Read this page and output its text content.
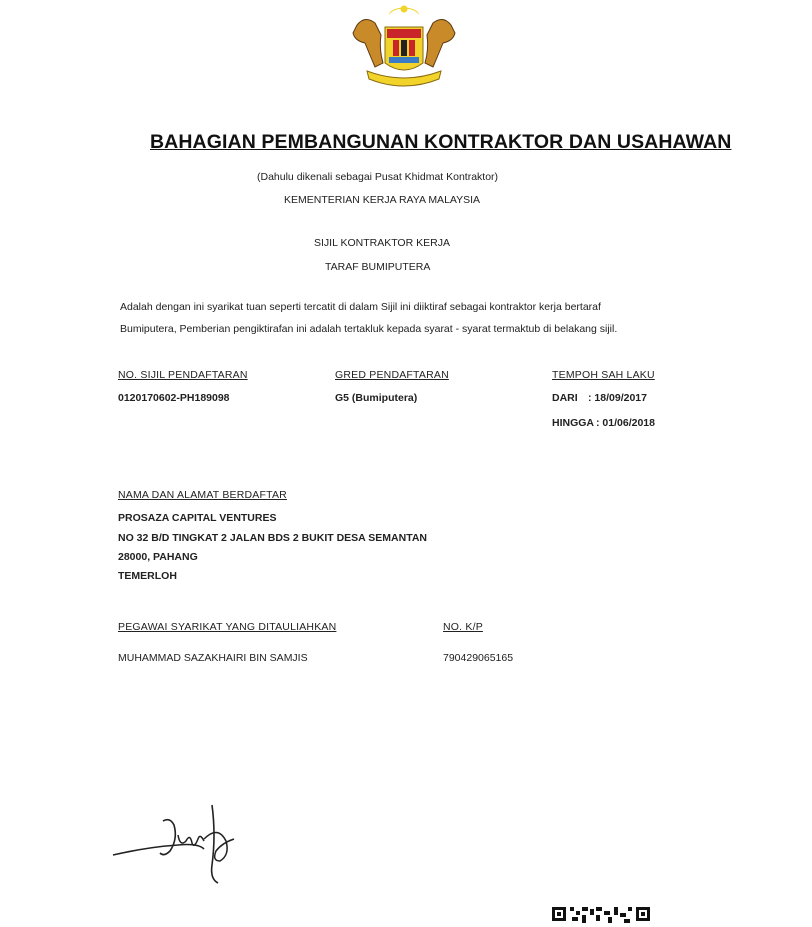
BAHAGIAN PEMBANGUNAN KONTRAKTOR DAN USAHAWAN
(Dahulu dikenali sebagai Pusat Khidmat Kontraktor)
KEMENTERIAN KERJA RAYA MALAYSIA
SIJIL KONTRAKTOR KERJA
TARAF BUMIPUTERA
Adalah dengan ini syarikat tuan seperti tercatit di dalam Sijil ini diiktiraf sebagai kontraktor kerja bertaraf
Bumiputera, Pemberian pengiktirafan ini adalah tertakluk kepada syarat - syarat termaktub di belakang sijil.
NO. SIJIL PENDAFTARAN
0120170602-PH189098
GRED PENDAFTARAN
G5 (Bumiputera)
TEMPOH SAH LAKU
DARI : 18/09/2017
HINGGA : 01/06/2018
NAMA DAN ALAMAT BERDAFTAR
PROSAZA CAPITAL VENTURES
NO 32 B/D TINGKAT 2 JALAN BDS 2 BUKIT DESA SEMANTAN
28000, PAHANG
TEMERLOH
PEGAWAI SYARIKAT YANG DITAULIAHKAN
MUHAMMAD SAZAKHAIRI BIN SAMJIS
NO. K/P
790429065165
